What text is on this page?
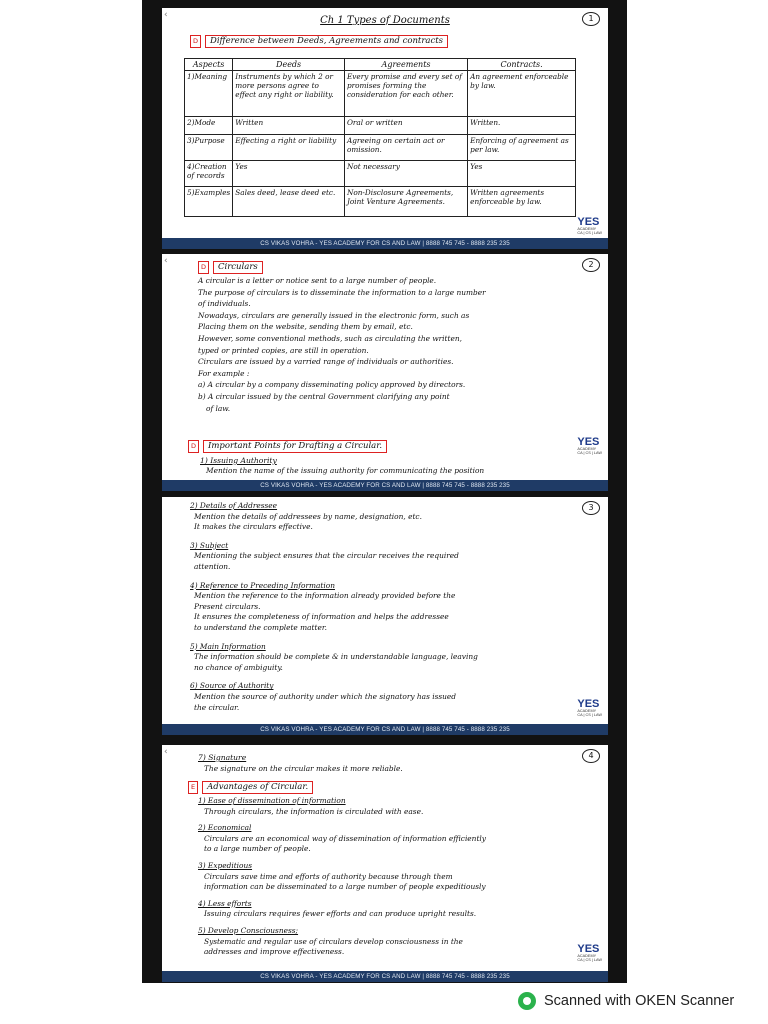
‹	1
Ch 1 Types of Documents
D Difference between Deeds, Agreements and contracts
Aspects	Deeds	Agreements	Contracts.
1)Meaning	Instruments by which 2 or more persons agree to effect any right or liability.	Every promise and every set of promises forming the consideration for each other.	An agreement enforceable by law.
2)Mode	Written	Oral or written	Written.
3)Purpose	Effecting a right or liability	Agreeing on certain act or omission.	Enforcing of agreement as per law.
4)Creation of records	Yes	Not necessary	Yes
5)Examples	Sales deed, lease deed etc.	Non-Disclosure Agreements, Joint Venture Agreements.	Written agreements enforceable by law.
YES
ACADEMY
CA | CS | LAW
CS VIKAS VOHRA - YES ACADEMY FOR CS AND LAW | 8888 745 745 - 8888 235 235
‹	2
D Circulars
A circular is a letter or notice sent to a large number of people.
The purpose of circulars is to disseminate the information to a large number
of individuals.
Nowadays, circulars are generally issued in the electronic form, such as
Placing them on the website, sending them by email, etc.
However, some conventional methods, such as circulating the written,
typed or printed copies, are still in operation.
Circulars are issued by a varried range of individuals or authorities.
For example :
a) A circular by a company disseminating policy approved by directors.
b) A circular issued by the central Government clarifying any point
of law.
D Important Points for Drafting a Circular.
1) Issuing Authority
Mention the name of the issuing authority for communicating the position
YES
ACADEMY
CA | CS | LAW
CS VIKAS VOHRA - YES ACADEMY FOR CS AND LAW | 8888 745 745 - 8888 235 235
3
2) Details of Addressee
Mention the details of addressees by name, designation, etc.
It makes the circulars effective.
3) Subject
Mentioning the subject ensures that the circular receives the required
attention.
4) Reference to Preceding Information
Mention the reference to the information already provided before the
Present circulars.
It ensures the completeness of information and helps the addressee
to understand the complete matter.
5) Main Information
The information should be complete & in understandable language, leaving
no chance of ambiguity.
6) Source of Authority
Mention the source of authority under which the signatory has issued
the circular.	YES
ACADEMY
CA | CS | LAW
CS VIKAS VOHRA - YES ACADEMY FOR CS AND LAW | 8888 745 745 - 8888 235 235
‹	4
7) Signature
The signature on the circular makes it more reliable.
E Advantages of Circular.
1) Ease of dissemination of information
Through circulars, the information is circulated with ease.
2) Economical
Circulars are an economical way of dissemination of information efficiently
to a large number of people.
3) Expeditious
Circulars save time and efforts of authority because through them
information can be disseminated to a large number of people expeditiously
4) Less efforts
Issuing circulars requires fewer efforts and can produce upright results.
5) Develop Consciousness;
Systematic and regular use of circulars develop consciousness in the
addresses and improve effectiveness.	YES
ACADEMY
CA | CS | LAW
CS VIKAS VOHRA - YES ACADEMY FOR CS AND LAW | 8888 745 745 - 8888 235 235
Scanned with OKEN Scanner
